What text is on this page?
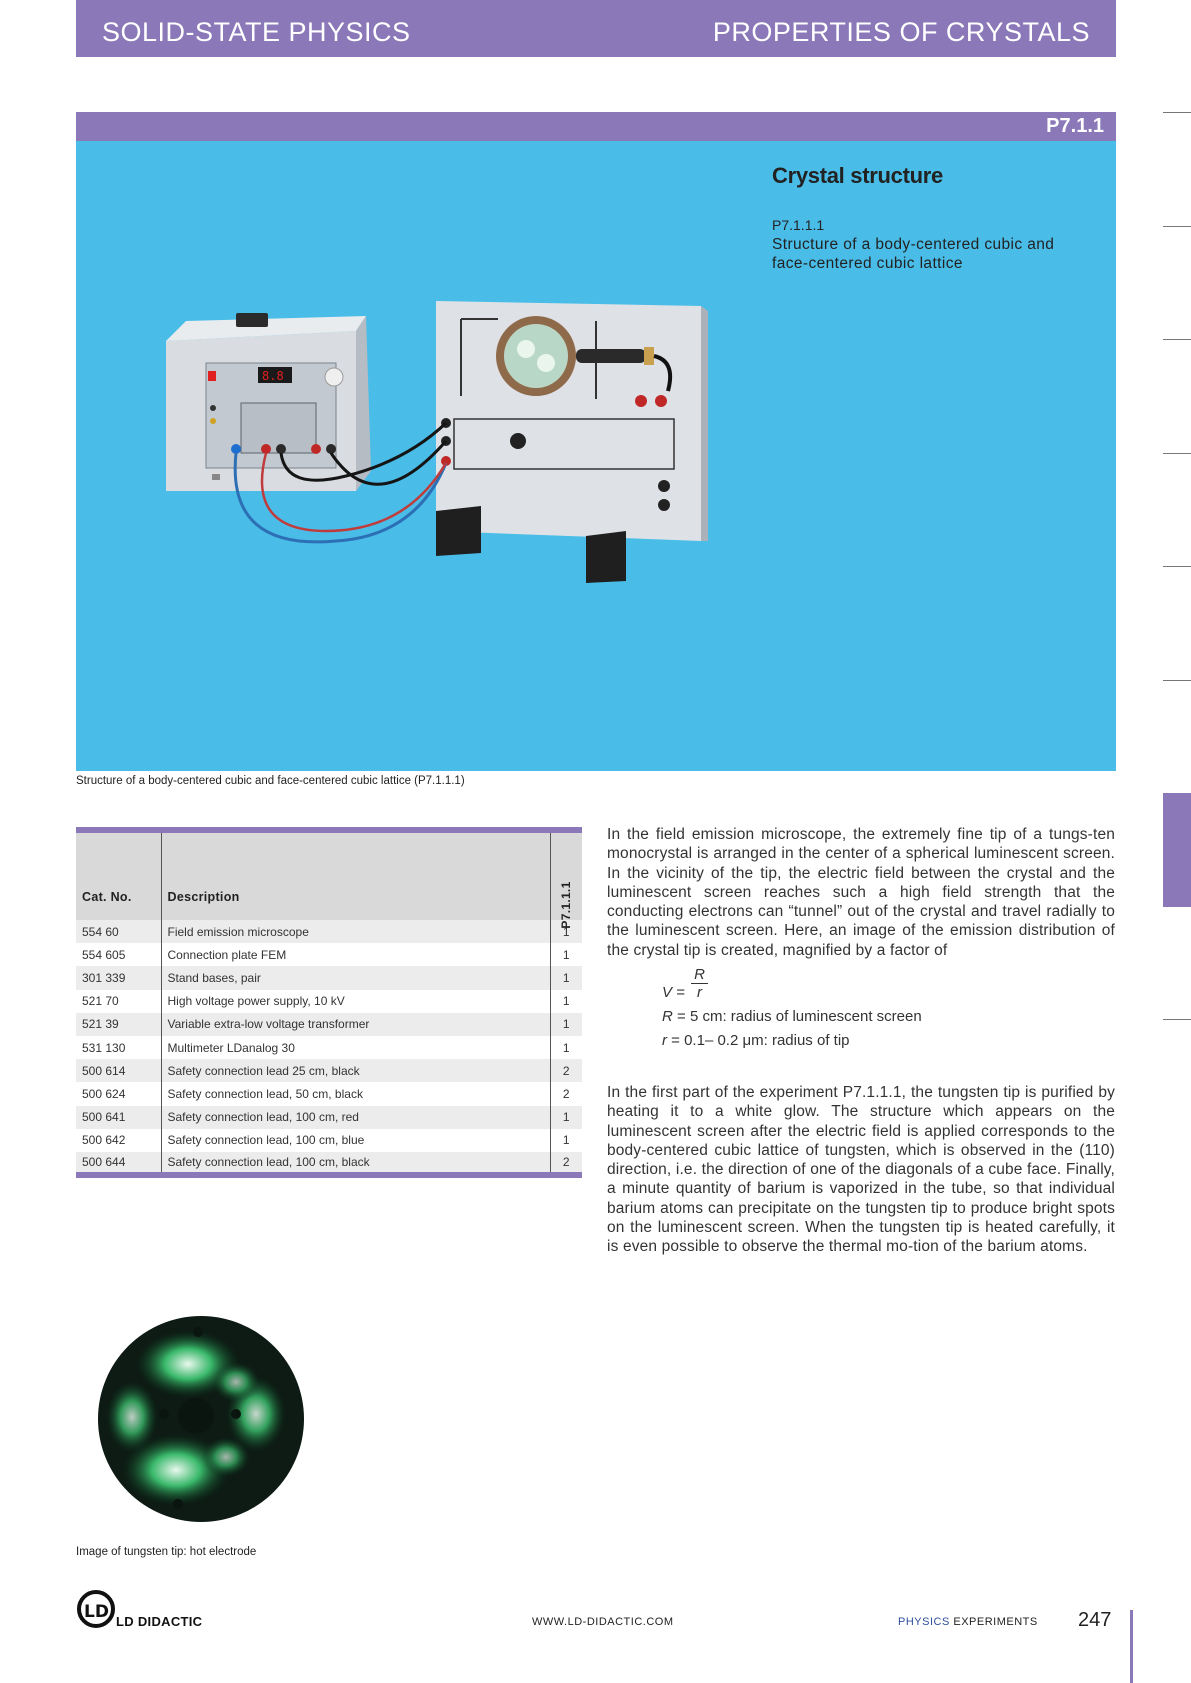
SOLID-STATE PHYSICS	PROPERTIES OF CRYSTALS
P7.1.1
Crystal structure
P7.1.1.1
Structure of a body-centered cubic and face-centered cubic lattice
8.8
Structure of a body-centered cubic and face-centered cubic lattice (P7.1.1.1)
Cat. No.	Description	P7.1.1.1

554 60	Field emission microscope	1
554 605	Connection plate FEM	1
301 339	Stand bases, pair	1
521 70	High voltage power supply, 10 kV	1
521 39	Variable extra-low voltage transformer	1
531 130	Multimeter LDanalog 30	1
500 614	Safety connection lead 25 cm, black	2
500 624	Safety connection lead, 50 cm, black	2
500 641	Safety connection lead, 100 cm, red	1
500 642	Safety connection lead, 100 cm, blue	1
500 644	Safety connection lead, 100 cm, black	2

In the field emission microscope, the extremely fine tip of a tungs-ten monocrystal is arranged in the center of a spherical luminescent screen. In the vicinity of the tip, the electric field between the crystal and the luminescent screen reaches such a high field strength that the conducting electrons can “tunnel” out of the crystal and travel radially to the luminescent screen. Here, an image of the emission distribution of the crystal tip is created, magnified by a factor of

$V = \frac{R}{r}$
R = 5 cm: radius of luminescent screen
r = 0.1– 0.2 μm: radius of tip

In the first part of the experiment P7.1.1.1, the tungsten tip is purified by heating it to a white glow. The structure which appears on the luminescent screen after the electric field is applied corresponds to the body-centered cubic lattice of tungsten, which is observed in the (110) direction, i.e. the direction of one of the diagonals of a cube face. Finally, a minute quantity of barium is vaporized in the tube, so that individual barium atoms can precipitate on the tungsten tip to produce bright spots on the luminescent screen. When the tungsten tip is heated carefully, it is even possible to observe the thermal mo-tion of the barium atoms.

Image of tungsten tip: hot electrode
LD LD DIDACTIC	WWW.LD-DIDACTIC.COM	PHYSICS EXPERIMENTS 247
